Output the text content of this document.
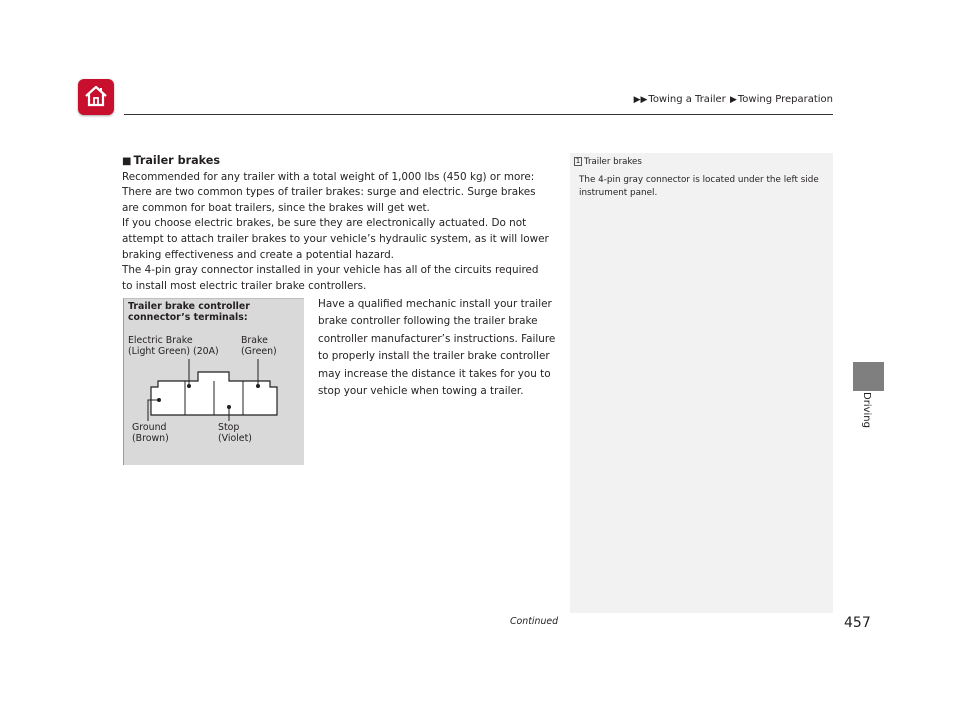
▶▶Towing a Trailer ▶Towing Preparation
Driving

■ Trailer brakes

Recommended for any trailer with a total weight of 1,000 lbs (450 kg) or more:

There are two common types of trailer brakes: surge and electric. Surge brakes are common for boat trailers, since the brakes will get wet.

If you choose electric brakes, be sure they are electronically actuated. Do not attempt to attach trailer brakes to your vehicle’s hydraulic system, as it will lower braking effectiveness and create a potential hazard.

The 4-pin gray connector installed in your vehicle has all of the circuits required to install most electric trailer brake controllers.

Trailer brake controller
connector’s terminals:
Electric Brake
(Light Green) (20A)
Brake
(Green)
Ground
(Brown)
Stop
(Violet)
Have a qualified mechanic install your trailer brake controller following the trailer brake controller manufacturer’s instructions. Failure to properly install the trailer brake controller may increase the distance it takes for you to stop your vehicle when towing a trailer.
1 Trailer brakes
The 4-pin gray connector is located under the left side instrument panel.
Continued	457
